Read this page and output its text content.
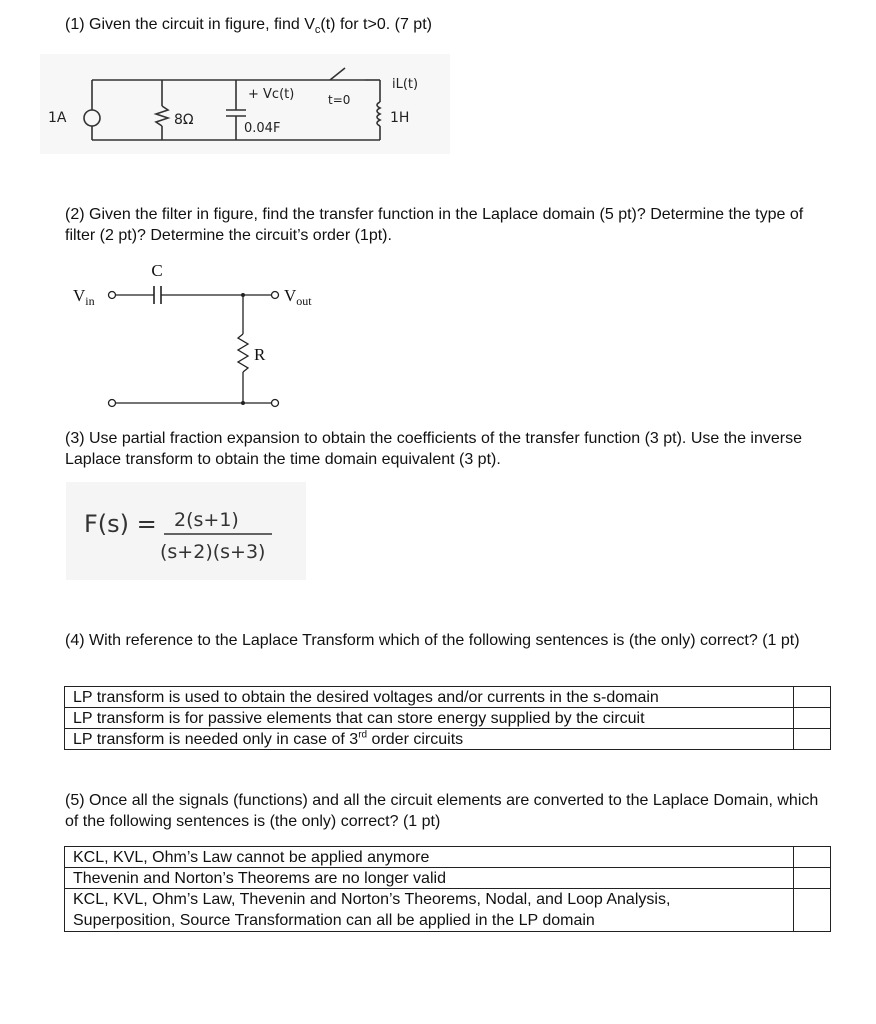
(1) Given the circuit in figure, find $V_c(t)$ for t>0. (7 pt)
1A	8Ω
+ Vc(t)
0.04F
t=0
iL(t)
1H
(2) Given the filter in figure, find the transfer function in the Laplace domain (5 pt)? Determine the type of filter (2 pt)? Determine the circuit’s order (1pt).
$V_{in}$	$V_{out}$
C
R
(3) Use partial fraction expansion to obtain the coefficients of the transfer function (3 pt). Use the inverse Laplace transform to obtain the time domain equivalent (3 pt).
F(s) = 2(s+1)
(s+2)(s+3)
(4) With reference to the Laplace Transform which of the following sentences is (the only) correct? (1 pt)
LP transform is used to obtain the desired voltages and/or currents in the s-domain	
LP transform is for passive elements that can store energy supplied by the circuit	
LP transform is needed only in case of 3rd order circuits	
(5) Once all the signals (functions) and all the circuit elements are converted to the Laplace Domain, which of the following sentences is (the only) correct? (1 pt)
KCL, KVL, Ohm’s Law cannot be applied anymore	
Thevenin and Norton’s Theorems are no longer valid	
KCL, KVL, Ohm’s Law, Thevenin and Norton’s Theorems, Nodal, and Loop Analysis,
Superposition, Source Transformation can all be applied in the LP domain	
